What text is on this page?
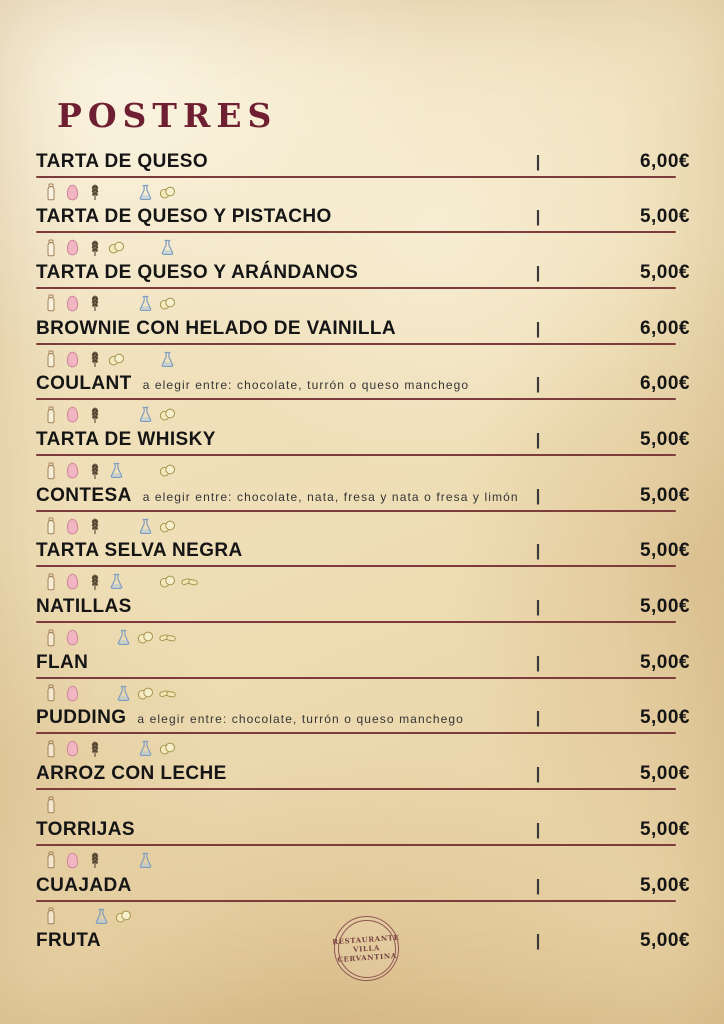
POSTRES
TARTA DE QUESO	|	6,00€
TARTA DE QUESO Y PISTACHO	|	5,00€
TARTA DE QUESO Y ARÁNDANOS	|	5,00€
BROWNIE CON HELADO DE VAINILLA	|	6,00€
COULANT a elegir entre: chocolate, turrón o queso manchego	|	6,00€
TARTA DE WHISKY	|	5,00€
CONTESA a elegir entre: chocolate, nata, fresa y nata o fresa y limón |	5,00€
TARTA SELVA NEGRA	|	5,00€
NATILLAS	|	5,00€
FLAN	|	5,00€
PUDDING a elegir entre: chocolate, turrón o queso manchego	|	5,00€
ARROZ CON LECHE	|	5,00€
TORRIJAS	|	5,00€
CUAJADA	|	5,00€
FRUTA	|	5,00€
RESTAURANTE
VILLA
CERVANTINA
